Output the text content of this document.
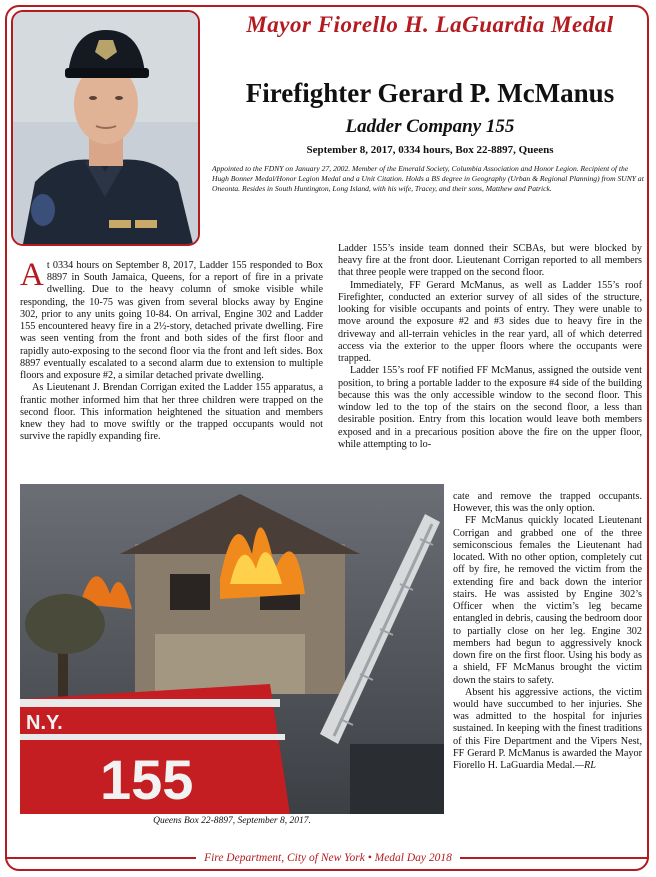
Mayor Fiorello H. LaGuardia Medal
Firefighter Gerard P. McManus
Ladder Company 155
September 8, 2017, 0334 hours, Box 22-8897, Queens
Appointed to the FDNY on January 27, 2002. Member of the Emerald Society, Columbia Association and Honor Legion. Recipient of the Hugh Bonner Medal/Honor Legion Medal and a Unit Citation. Holds a BS degree in Geography (Urban & Regional Planning) from SUNY at Oneonta. Resides in South Huntington, Long Island, with his wife, Tracey, and their sons, Matthew and Patrick.

At 0334 hours on September 8, 2017, Ladder 155 responded to Box 8897 in South Jamaica, Queens, for a report of fire in a private dwelling. Due to the heavy column of smoke visible while responding, the 10-75 was given from several blocks away by Engine 302, prior to any units going 10-84. On arrival, Engine 302 and Ladder 155 encountered heavy fire in a 2½-story, detached private dwelling. Fire was seen venting from the front and both sides of the first floor and rapidly auto-exposing to the second floor via the front and left sides. Box 8897 eventually escalated to a second alarm due to extension to multiple floors and exposure #2, a similar detached private dwelling.

As Lieutenant J. Brendan Corrigan exited the Ladder 155 apparatus, a frantic mother informed him that her three children were trapped on the second floor. This information heightened the situation and members knew they had to move swiftly or the trapped occupants would not survive the rapidly expanding fire.

Ladder 155’s inside team donned their SCBAs, but were blocked by heavy fire at the front door. Lieutenant Corrigan reported to all members that three people were trapped on the second floor.

Immediately, FF Gerard McManus, as well as Ladder 155’s roof Firefighter, conducted an exterior survey of all sides of the structure, looking for visible occupants and points of entry. They were unable to move around the exposure #2 and #3 sides due to heavy fire in the driveway and all-terrain vehicles in the rear yard, all of which deterred access via the exterior to the upper floors where the occupants were trapped.

Ladder 155’s roof FF notified FF McManus, assigned the outside vent position, to bring a portable ladder to the exposure #4 side of the building because this was the only accessible window to the second floor. This window led to the top of the stairs on the second floor, a less than desirable position. Entry from this location would leave both members exposed and in a precarious position above the fire on the upper floor, while attempting to lo-

cate and remove the trapped occupants. However, this was the only option.

FF McManus quickly located Lieutenant Corrigan and grabbed one of the three semiconscious females the Lieutenant had located. With no other option, completely cut off by fire, he removed the victim from the extending fire and back down the interior stairs. He was assisted by Engine 302’s Officer when the victim’s leg became entangled in debris, causing the bedroom door to partially close on her leg. Engine 302 members had begun to aggressively knock down fire on the first floor. Using his body as a shield, FF McManus brought the victim down the stairs to safety.

Absent his aggressive actions, the victim would have succumbed to her injuries. She was admitted to the hospital for injuries sustained. In keeping with the finest traditions of this Fire Department and the Vipers Nest, FF Gerard P. McManus is awarded the Mayor Fiorello H. LaGuardia Medal.—RL

N.Y.
155
Queens Box 22-8897, September 8, 2017.
Fire Department, City of New York • Medal Day 2018
